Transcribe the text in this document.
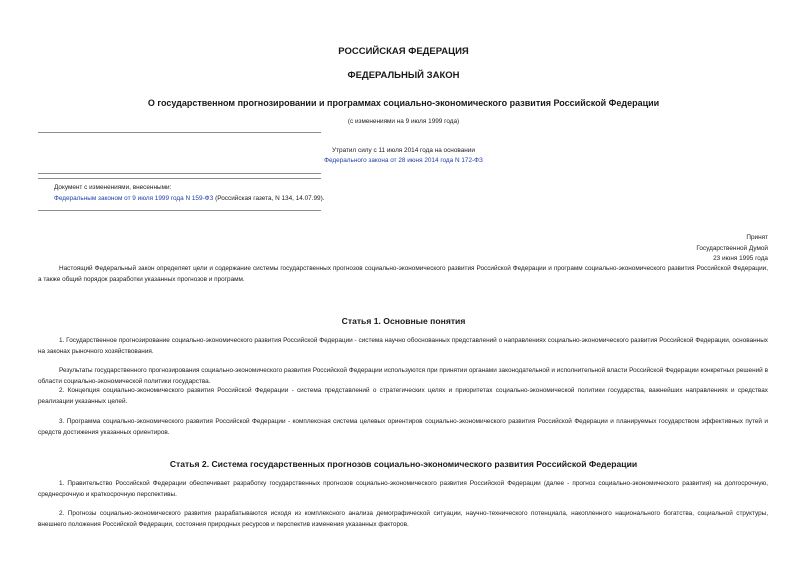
РОССИЙСКАЯ ФЕДЕРАЦИЯ
ФЕДЕРАЛЬНЫЙ ЗАКОН
О государственном прогнозировании и программах социально-экономического развития Российской Федерации
(с изменениями на 9 июля 1999 года)
Утратил силу с 11 июля 2014 года на основании
Федерального закона от 28 июня 2014 года N 172-ФЗ
Документ с изменениями, внесенными:
Федеральным законом от 9 июля 1999 года N 159-ФЗ (Российская газета, N 134, 14.07.99).
Принят
Государственной Думой
23 июня 1995 года
Настоящий Федеральный закон определяет цели и содержание системы государственных прогнозов социально-экономического развития Российской Федерации и программ социально-экономического развития Российской Федерации, а также общий порядок разработки указанных прогнозов и программ.
Статья 1. Основные понятия
1. Государственное прогнозирование социально-экономического развития Российской Федерации - система научно обоснованных представлений о направлениях социально-экономического развития Российской Федерации, основанных на законах рыночного хозяйствования.
Результаты государственного прогнозирования социально-экономического развития Российской Федерации используются при принятии органами законодательной и исполнительной власти Российской Федерации конкретных решений в области социально-экономической политики государства.
2. Концепция социально-экономического развития Российской Федерации - система представлений о стратегических целях и приоритетах социально-экономической политики государства, важнейших направлениях и средствах реализации указанных целей.
3. Программа социально-экономического развития Российской Федерации - комплексная система целевых ориентиров социально-экономического развития Российской Федерации и планируемых государством эффективных путей и средств достижения указанных ориентиров.
Статья 2. Система государственных прогнозов социально-экономического развития Российской Федерации
1. Правительство Российской Федерации обеспечивает разработку государственных прогнозов социально-экономического развития Российской Федерации (далее - прогноз социально-экономического развития) на долгосрочную, среднесрочную и краткосрочную перспективы.
2. Прогнозы социально-экономического развития разрабатываются исходя из комплексного анализа демографической ситуации, научно-технического потенциала, накопленного национального богатства, социальной структуры, внешнего положения Российской Федерации, состояния природных ресурсов и перспектив изменения указанных факторов.
